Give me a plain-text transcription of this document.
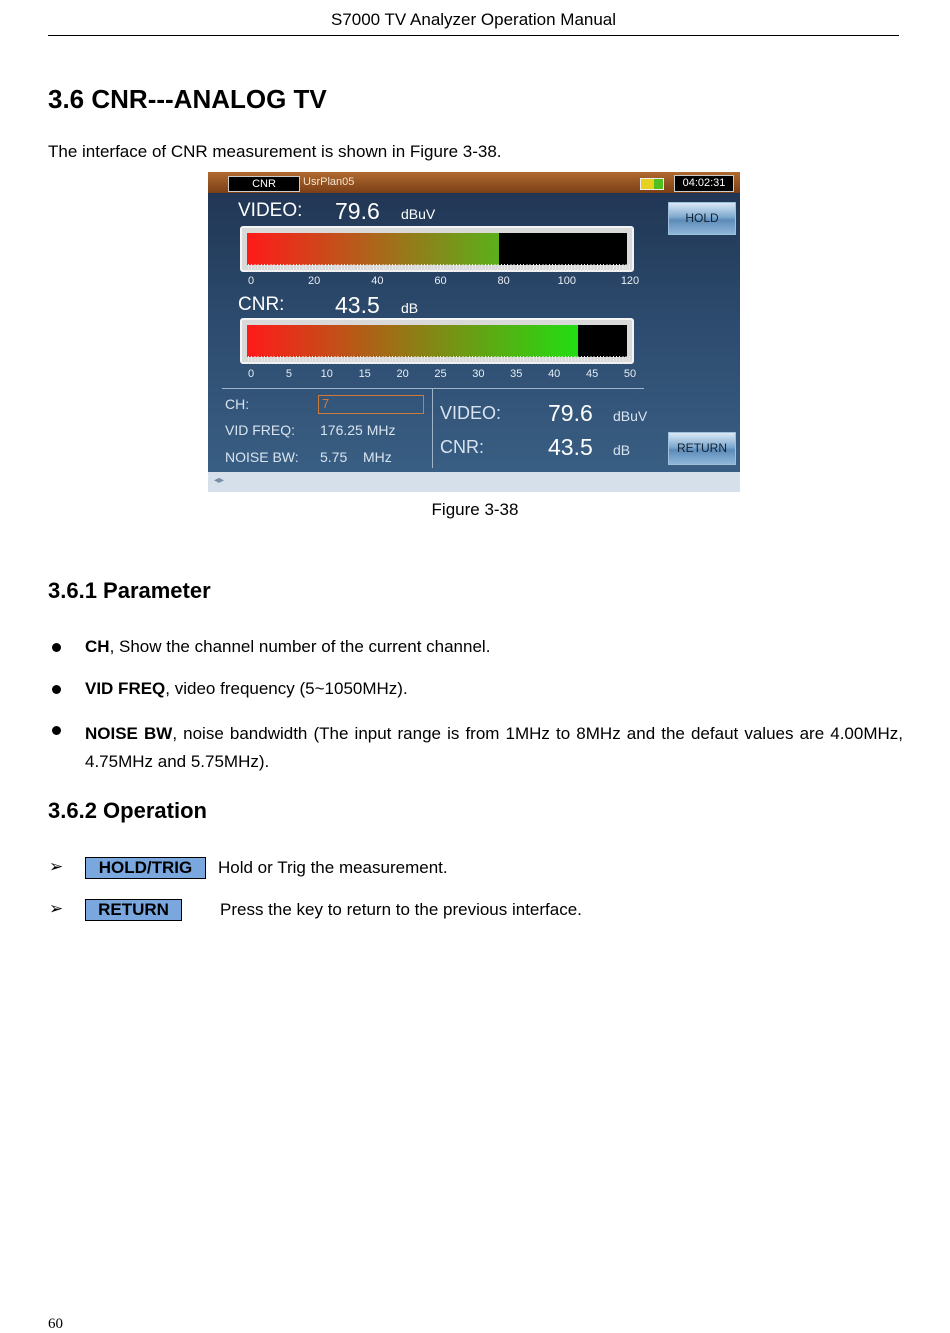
S7000 TV Analyzer Operation Manual
3.6 CNR---ANALOG TV
The interface of CNR measurement is shown in Figure 3-38.
CNR	UsrPlan05	04:02:31
HOLD
VIDEO: 79.6 dBuV
0	20	40	60	80	100	120
CNR: 43.5 dB
0	5	10	15	20	25	30	35	40	45	50
CH:	7
VID FREQ: 176.25 MHz
NOISE BW: 5.75 MHz
VIDEO: 79.6 dBuV
CNR:	43.5 dB	RETURN
◂▸
Figure 3-38
3.6.1 Parameter
CH, Show the channel number of the current channel.
VID FREQ, video frequency (5~1050MHz).
NOISE BW, noise bandwidth (The input range is from 1MHz to 8MHz and the defaut values are 4.00MHz, 4.75MHz and 5.75MHz).
3.6.2 Operation
➢	HOLD/TRIG	Hold or Trig the measurement.
➢	RETURN	Press the key to return to the previous interface.
60
